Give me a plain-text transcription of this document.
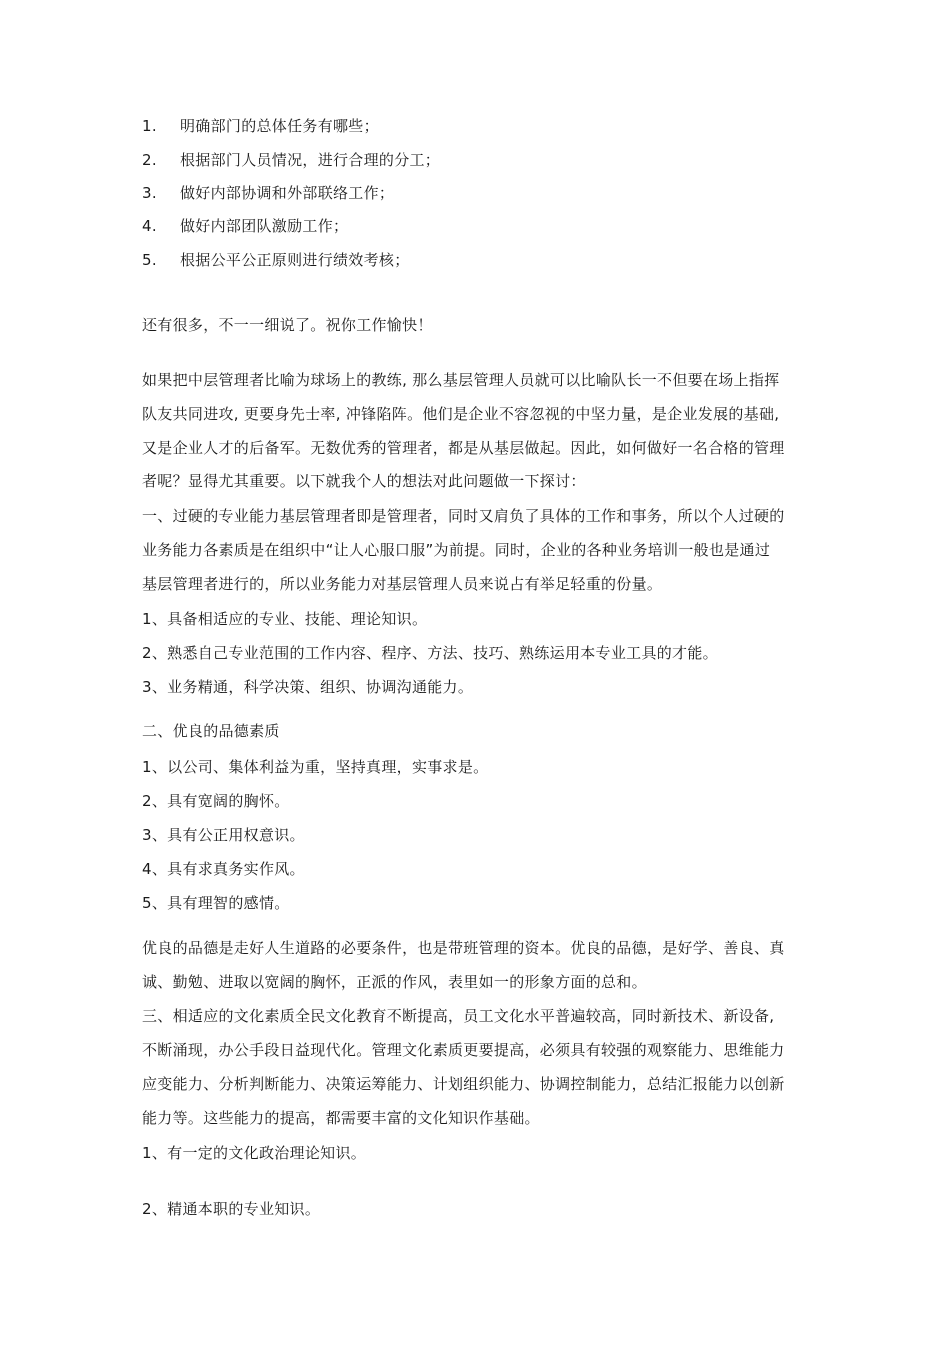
1. 明确部门的总体任务有哪些；
2. 根据部门人员情况，进行合理的分工；
3. 做好内部协调和外部联络工作；
4. 做好内部团队激励工作；
5. 根据公平公正原则进行绩效考核；
还有很多，不一一细说了。祝你工作愉快！
如果把中层管理者比喻为球场上的教练, 那么基层管理人员就可以比喻队长一不但要在场上指挥
队友共同进攻, 更要身先士率, 冲锋陷阵。他们是企业不容忽视的中坚力量，是企业发展的基础,
又是企业人才的后备军。无数优秀的管理者，都是从基层做起。因此，如何做好一名合格的管理
者呢？显得尤其重要。以下就我个人的想法对此问题做一下探讨：
一、过硬的专业能力基层管理者即是管理者，同时又肩负了具体的工作和事务，所以个人过硬的
业务能力各素质是在组织中“让人心服口服”为前提。同时，企业的各种业务培训一般也是通过
基层管理者进行的，所以业务能力对基层管理人员来说占有举足轻重的份量。
1、具备相适应的专业、技能、理论知识。
2、熟悉自己专业范围的工作内容、程序、方法、技巧、熟练运用本专业工具的才能。
3、业务精通，科学决策、组织、协调沟通能力。
二、优良的品德素质
1、以公司、集体利益为重，坚持真理，实事求是。
2、具有宽阔的胸怀。
3、具有公正用权意识。
4、具有求真务实作风。
5、具有理智的感情。
优良的品德是走好人生道路的必要条件，也是带班管理的资本。优良的品德，是好学、善良、真
诚、勤勉、进取以宽阔的胸怀，正派的作风，表里如一的形象方面的总和。
三、相适应的文化素质全民文化教育不断提高，员工文化水平普遍较高，同时新技术、新设备,
不断涌现，办公手段日益现代化。管理文化素质更要提高，必须具有较强的观察能力、思维能力
应变能力、分析判断能力、决策运筹能力、计划组织能力、协调控制能力，总结汇报能力以创新
能力等。这些能力的提高，都需要丰富的文化知识作基础。
1、有一定的文化政治理论知识。
2、精通本职的专业知识。
